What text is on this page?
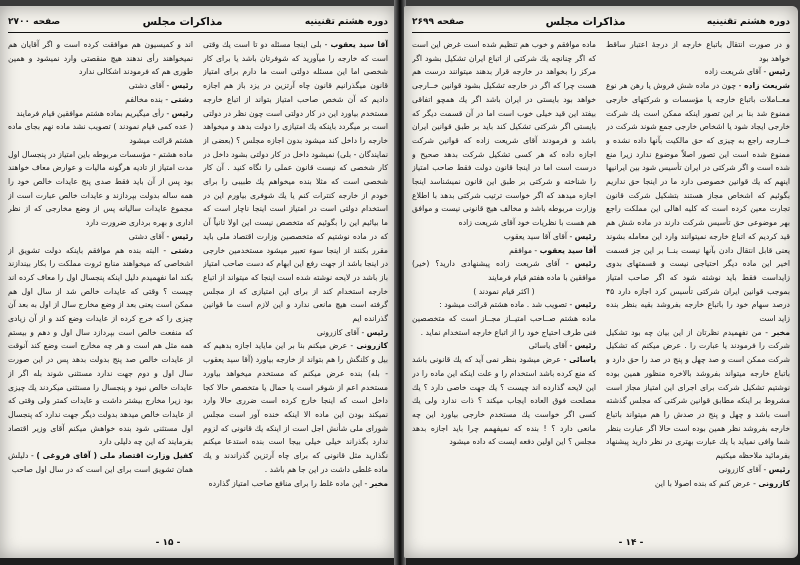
دوره هشتم تقنینیه
مذاکرات مجلس
صفحه ۲۷۰۰

آقا سید یعقوب - بلی اینجا مسئله دو تا است یك وقتی است که خارجه را میآورید که شوفرتان باشد یا برای کار شخصی اما این مسئله دولتی است ما دارم برای امتیاز قانون میگذرانیم قانون چاه آرتزین در یزد باز هم اجازه دادیم که آن شخص صاحب امتیاز بتواند از اتباع خارجه مستخدم بیاورد این در کار دولتی است چون نظر در دولتی است بر میگردد باینکه یك امتیازی را دولت بدهد و میخواهد خارجه را داخل کند میشود بدون اجازه مجلس ؟ (بعضی از نمایندگان - بلی) نمیشود داخل در کار دولتی بشود داخل در کار شخصی که نیست قانون عملی را نگاه کنید . آن کار شخصی است که مثلا بنده میخواهم یك طبیبی را برای خودم از خارجه کنترات کنم یا یك شوفری بیاورم این در استخدام دولتی است در امتیاز است اینجا ناچار است که ما بیائیم این را بگوئیم که متخصص نیست این اولا ثانیاً آن که در ماده نوشتیم که متخصصین وزارت اقتصاد ملی باید مقرر بکنند از اینجا سوء تعبیر میشود مستخدمین خارجی در اینجا باشد از جهت رفع این ابهام که دست صاحب امتیاز باز باشد در لایحه نوشته شده است اینجا که میتواند از اتباع خارجه استخدام کند از برای این امتیازی که از مجلس گرفته است هیچ مانعی ندارد و این لازم است ما قوانین گذرانده ایم

رئیس - آقای کازرونی

کازرونی - عرض میکنم بنا بر این مایاید اجازه بدهیم که بیل و کلنگش را هم بتواند از خارجه بیاورد (آقا سید یعقوب - بله) بنده عرض میکنم که مستخدم میخواهد بیاورد مستخدم اعم از شوفر است یا حمال یا متخصص حالا کجا داخل است که اینجا خارج کرده است ضرری حالا وارد نمیکند بودن این ماده الا اینکه خنده آور است مجلس شورای ملی شأنش اجل است از اینکه یك قانونی که لزوم ندارد بگذراند خیلی خیلی بیجا است بنده استدعا میکنم نگذارید مثل قانونی که برای چاه آرتزین گذراندند و یك ماده غلطی داشت در این جا هم باشد .

مخبر - این ماده غلط را برای منافع صاحب امتیاز گذارده

اند و کمیسیون هم موافقت کرده است و اگر آقایان هم نمیخواهند رأی ندهند هیچ منقصتی وارد نمیشود و همین طوری هم که فرمودند اشکالی ندارد

رئیس - آقای دشتی

دشتی - بنده مخالفم

رئیس - رأی میگیریم بماده هشتم موافقین قیام فرمایند

( عده کمی قیام نمودند ) تصویب نشد ماده نهم بجای ماده هشتم قرائت میشود

ماده هشتم - مؤسسات مربوطه باین امتیاز در پنجسال اول مدت امتیاز از تادیه هرگونه مالیات و عوارض معاف خواهند بود پس از آن باید فقط صدی پنج عایدات خالص خود را همه ساله بدولت بپردازند و عایدات خالص عبارت است از مجموع عایدات سالیانه پس از وضع مخارجی که از نظر اداری و بهره برداری ضرورت دارد

رئیس - آقای دشتی

دشتی - البته بنده هم موافقم باینکه دولت تشویق از اشخاصی که میخواهند منابع ثروت مملکت را بکار بیندازند بکند اما نفهمیدم دلیل اینکه پنجسال اول را معاف کرده اند چیست ؟ وقتی که عایدات خالص شد از سال اول هم ممکن است یعنی بعد از وضع مخارج سال از اول به بعد آن چیزی را که خرج کرده از عایدات وضع کند و از آن زیادی که منفعت خالص است بپردازد سال اول و دهم و بیستم همه مثل هم است و هر چه مخارج است وضع کند آنوقت از عایدات خالص صد پنج بدولت بدهد پس در این صورت سال اول و دوم جهت ندارد مستثنی شوند بله اگر از عایدات خالص نبود و پنجسال را مستثنی میکردند یك چیزی بود زیرا مخارج بیشتر داشت و عایدات کمتر ولی وقتی که از عایدات خالص میدهد بدولت دیگر جهت ندارد که پنجسال اول مستثنی شود بنده خواهش میکنم آقای وزیر اقتصاد بفرمایند که این چه دلیلی دارد

کفیل وزارت اقتصاد ملی ( آقای فروغی ) - دلیلش همان تشویق است برای این است که در سال اول صاحب

- ۱۵ -
دوره هشتم تقنینیه
مذاکرات مجلس
صفحه ۲۶۹۹

و در صورت انتقال باتباع خارجه از درجهٔ اعتبار ساقط خواهد بود

رئیس - آقای شریعت زاده

شریعت زاده - چون در ماده شش فروش یا رهن هر نوع معــاملات باتباع خارجه یا مؤسسات و شرکتهای خارجی ممنوع شد بنا بر این تصور اینکه ممکن است یك شرکت خارجی ایجاد شود یا اشخاص خارجی جمع شوند شرکت در خــارجه راجع به چیزی که حق مالکیت بآنها داده نشده و ممنوع شده است این تصور اصلاً موضوع ندارد زیرا منع شده است و اگر شرکتی در ایران تأسیس شود بین ایرانیها اینهم که یك قوانین خصوصی دارد ما در اینجا حق نداریم بگوئیم که اشخاص مجاز هستند بتشکیل شرکت قانون تجارت معین کرده است که کلیه اهالی این مملکت راجع بهر موضوعی حق تأسیس شرکت دارند در ماده شش هم قید کردیم که اتباع خارجه نمیتوانند وارد این معامله بشوند یعنی قابل انتقال دادن بآنها نیست بنــا بر این جز قسمت اخیر این ماده دیگر احتیاجی نیست و قسمتهای بدوی زایداست فقط باید نوشته شود که اگر صاحب امتیاز بموجب قوانین ایران شرکتی تأسیس کرد اجازه دارد ۴۵ درصد سهام خود را باتباع خارجه بفروشد بقیه بنظر بنده زاید است

مخبر - من نفهمیدم نظرتان از این بیان چه بود تشکیل شرکت را فرمودند یا عبارت را . عرض میکنم که تشکیل شرکت ممکن است و صد چهل و پنج در صد را حق دارد و باتباع خارجه میتواند بفروشد بالاخره منظور همین بوده نوشتیم تشکیل شرکت برای اجرای این امتیاز مجاز است مشروط بر اینکه مطابق قوانین شرکتی که مجلس گذشته است باشد و چهل و پنج در صدش را هم میتواند باتباع خارجه بفروشد نظر همین بوده است حالا اگر عبارت بنظر شما وافی نمیاید با یك عبارت بهتری در نظر دارید پیشنهاد بفرمائید ملاحظه میکنیم

رئیس - آقای کازرونی

کازرونی - عرض کنم که بنده اصولا با این

ماده موافقم و خوب هم تنظیم شده است غرض این است که اگر چنانچه یك شرکتی از اتباع ایران تشکیل بشود اگر مرکز را بخواهد در خارجه قرار بدهند میتوانند درست هم هست چرا که اگر در خارجه تشکیل بشود قوانین خــارجی خواهد بود بایستی در ایران باشد اگر یك همچو اتفاقی بیفتد این قید خیلی خوب است اما در آن قسمت دیگر که بایستی اگر شرکتی تشکیل کند باید بر طبق قوانین ایران باشد و فرمودند آقای شریعت زاده که قوانین شرکت اجازه داده که هر کسی تشکیل شرکت بدهد صحیح و درست است اما در اینجا قانون دولت فقط صاحب امتیاز را شناخته و شرکتی بر طبق این قانون نمیشناسد اینجا اجازه میدهد که اگر خواست ترتیب شرکتی بدهد با اطلاع وزارت مربوطه باشد و مخالف هیچ قانونی نیست و موافق هم هست با نظریات خود آقای شریعت زاده

رئیس - آقای آقا سید یعقوب

آقا سید یعقوب - موافقم

رئیس - آقای شریعت زاده پیشنهادی دارید؟ (خیر) موافقین با ماده هفتم قیام فرمایند

( اکثر قیام نمودند )

رئیس - تصویب شد . ماده هشتم قرائت میشود :

ماده هشتم صــاحب امتیــاز مجــاز است که متخصصین فنی طرف احتیاج خود را از اتباع خارجه استخدام نماید .

رئیس - آقای یاسائی

یاسائی - عرض میشود بنظر نمی آید که یك قانونی باشد که منع کرده باشد استخدام را و علت اینکه این ماده را در این لایحه گذارده اند چیست ؟ یك جهت خاصی دارد ؟ یك مصلحت فوق العاده ایجاب میکند ؟ ذات ندارد ولی یك کسی اگر خواست یك مستخدم خارجی بیاورد این چه مانعی دارد ؟ ! بنده که نمیفهمم چرا باید اجازه بدهد مجلس ؟ این اولین دفعه ایست که داده میشود

- ۱۴ -
